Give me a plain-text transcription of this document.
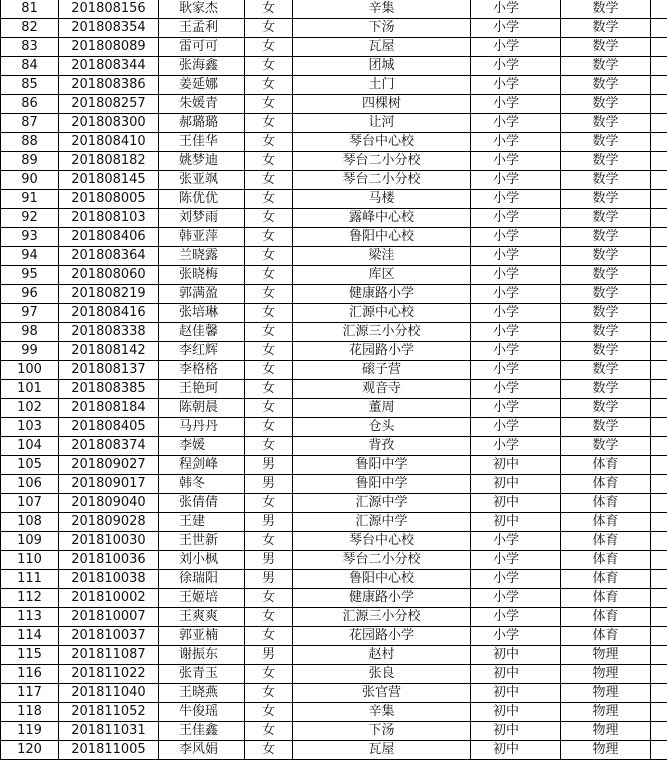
81	201808156	耿家杰	女	辛集	小学	数学	
82	201808354	王孟利	女	下汤	小学	数学	
83	201808089	雷可可	女	瓦屋	小学	数学	
84	201808344	张海鑫	女	团城	小学	数学	
85	201808386	姜延娜	女	土门	小学	数学	
86	201808257	朱媛青	女	四棵树	小学	数学	
87	201808300	郝璐璐	女	让河	小学	数学	
88	201808410	王佳华	女	琴台中心校	小学	数学	
89	201808182	姚梦迪	女	琴台二小分校	小学	数学	
90	201808145	张亚飒	女	琴台二小分校	小学	数学	
91	201808005	陈优优	女	马楼	小学	数学	
92	201808103	刘梦雨	女	露峰中心校	小学	数学	
93	201808406	韩亚萍	女	鲁阳中心校	小学	数学	
94	201808364	兰晓露	女	梁洼	小学	数学	
95	201808060	张晓梅	女	库区	小学	数学	
96	201808219	郭满盈	女	健康路小学	小学	数学	
97	201808416	张培琳	女	汇源中心校	小学	数学	
98	201808338	赵佳馨	女	汇源三小分校	小学	数学	
99	201808142	李红辉	女	花园路小学	小学	数学	
100	201808137	李格格	女	磙子营	小学	数学	
101	201808385	王艳珂	女	观音寺	小学	数学	
102	201808184	陈朝晨	女	董周	小学	数学	
103	201808405	马丹丹	女	仓头	小学	数学	
104	201808374	李媛	女	背孜	小学	数学	
105	201809027	程剑峰	男	鲁阳中学	初中	体育	
106	201809017	韩冬	男	鲁阳中学	初中	体育	
107	201809040	张倩倩	女	汇源中学	初中	体育	
108	201809028	王建	男	汇源中学	初中	体育	
109	201810030	王世新	女	琴台中心校	小学	体育	
110	201810036	刘小枫	男	琴台二小分校	小学	体育	
111	201810038	徐瑞阳	男	鲁阳中心校	小学	体育	
112	201810002	王姬培	女	健康路小学	小学	体育	
113	201810007	王爽爽	女	汇源三小分校	小学	体育	
114	201810037	郭亚楠	女	花园路小学	小学	体育	
115	201811087	谢振东	男	赵村	初中	物理	
116	201811022	张青玉	女	张良	初中	物理	
117	201811040	王晓燕	女	张官营	初中	物理	
118	201811052	牛俊瑶	女	辛集	初中	物理	
119	201811031	王佳鑫	女	下汤	初中	物理	
120	201811005	李风娟	女	瓦屋	初中	物理	
